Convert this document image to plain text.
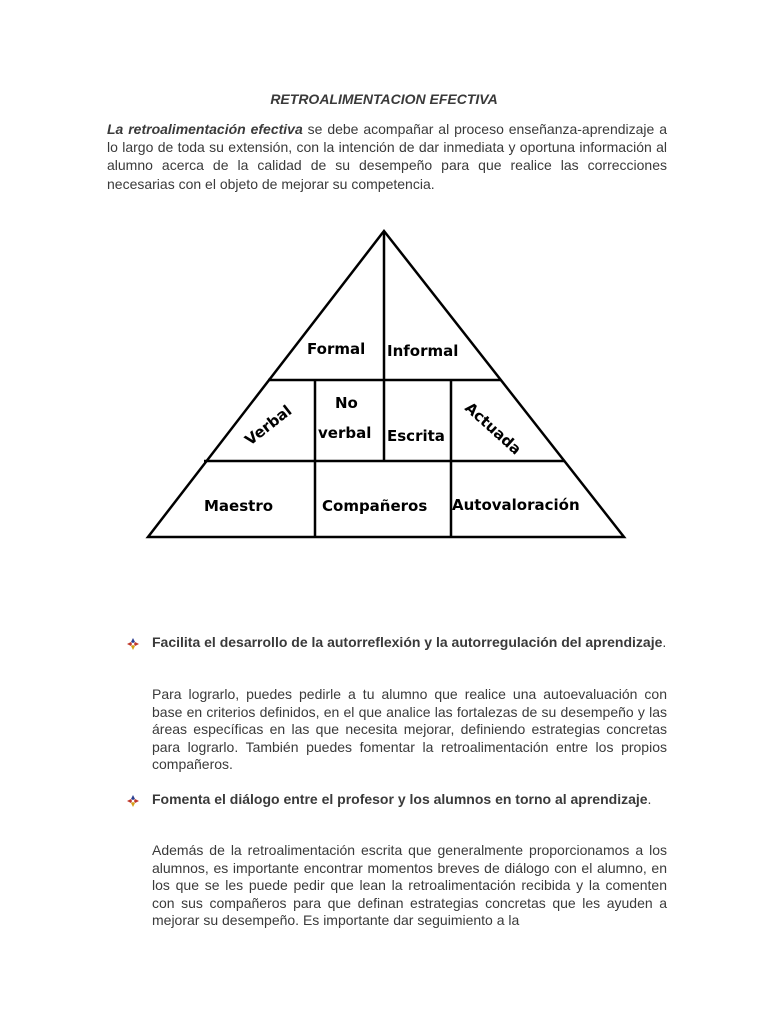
RETROALIMENTACION EFECTIVA
La retroalimentación efectiva se debe acompañar al proceso enseñanza-aprendizaje a lo largo de toda su extensión, con la intención de dar inmediata y oportuna información al alumno acerca de la calidad de su desempeño para que realice las correcciones necesarias con el objeto de mejorar su competencia.
Formal Informal
Verbal	No
verbal Escrita Actuada
Maestro	Compañeros Autovaloración
Facilita el desarrollo de la autorreflexión y la autorregulación del aprendizaje.
Para lograrlo, puedes pedirle a tu alumno que realice una autoevaluación con base en criterios definidos, en el que analice las fortalezas de su desempeño y las áreas específicas en las que necesita mejorar, definiendo estrategias concretas para lograrlo. También puedes fomentar la retroalimentación entre los propios compañeros.
Fomenta el diálogo entre el profesor y los alumnos en torno al aprendizaje.
Además de la retroalimentación escrita que generalmente proporcionamos a los alumnos, es importante encontrar momentos breves de diálogo con el alumno, en los que se les puede pedir que lean la retroalimentación recibida y la comenten con sus compañeros para que definan estrategias concretas que les ayuden a mejorar su desempeño. Es importante dar seguimiento a la
